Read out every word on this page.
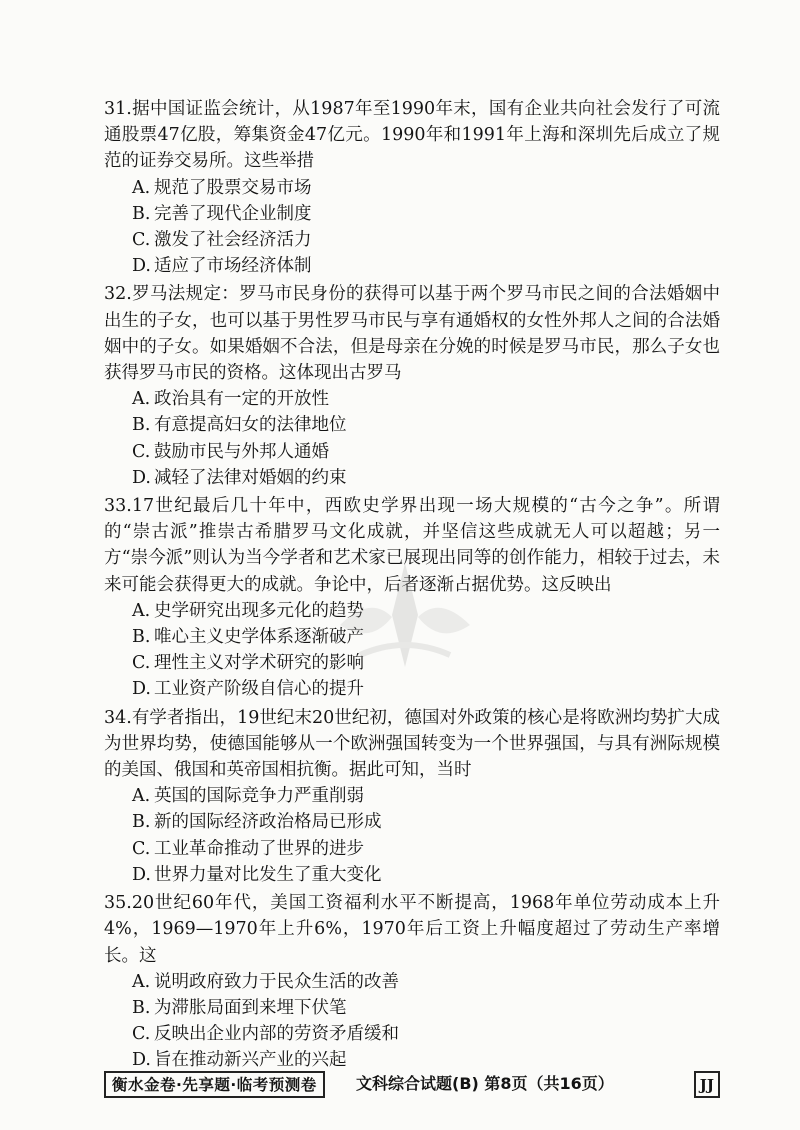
31.据中国证监会统计，从1987年至1990年末，国有企业共向社会发行了可流通股票47亿股，筹集资金47亿元。1990年和1991年上海和深圳先后成立了规范的证券交易所。这些举措

A. 规范了股票交易市场
B. 完善了现代企业制度
C. 激发了社会经济活力
D. 适应了市场经济体制

32.罗马法规定：罗马市民身份的获得可以基于两个罗马市民之间的合法婚姻中出生的子女，也可以基于男性罗马市民与享有通婚权的女性外邦人之间的合法婚姻中的子女。如果婚姻不合法，但是母亲在分娩的时候是罗马市民，那么子女也获得罗马市民的资格。这体现出古罗马

A. 政治具有一定的开放性
B. 有意提高妇女的法律地位
C. 鼓励市民与外邦人通婚
D. 减轻了法律对婚姻的约束

33.17世纪最后几十年中，西欧史学界出现一场大规模的“古今之争”。所谓的“崇古派”推崇古希腊罗马文化成就，并坚信这些成就无人可以超越；另一方“崇今派”则认为当今学者和艺术家已展现出同等的创作能力，相较于过去，未来可能会获得更大的成就。争论中，后者逐渐占据优势。这反映出

A. 史学研究出现多元化的趋势
B. 唯心主义史学体系逐渐破产
C. 理性主义对学术研究的影响
D. 工业资产阶级自信心的提升

34.有学者指出，19世纪末20世纪初，德国对外政策的核心是将欧洲均势扩大成为世界均势，使德国能够从一个欧洲强国转变为一个世界强国，与具有洲际规模的美国、俄国和英帝国相抗衡。据此可知，当时

A. 英国的国际竞争力严重削弱
B. 新的国际经济政治格局已形成
C. 工业革命推动了世界的进步
D. 世界力量对比发生了重大变化

35.20世纪60年代，美国工资福利水平不断提高，1968年单位劳动成本上升4%，1969—1970年上升6%，1970年后工资上升幅度超过了劳动生产率增长。这

A. 说明政府致力于民众生活的改善
B. 为滞胀局面到来埋下伏笔
C. 反映出企业内部的劳资矛盾缓和
D. 旨在推动新兴产业的兴起
衡水金卷·先享题·临考预测卷	文科综合试题(B) 第8页（共16页）	JJ
